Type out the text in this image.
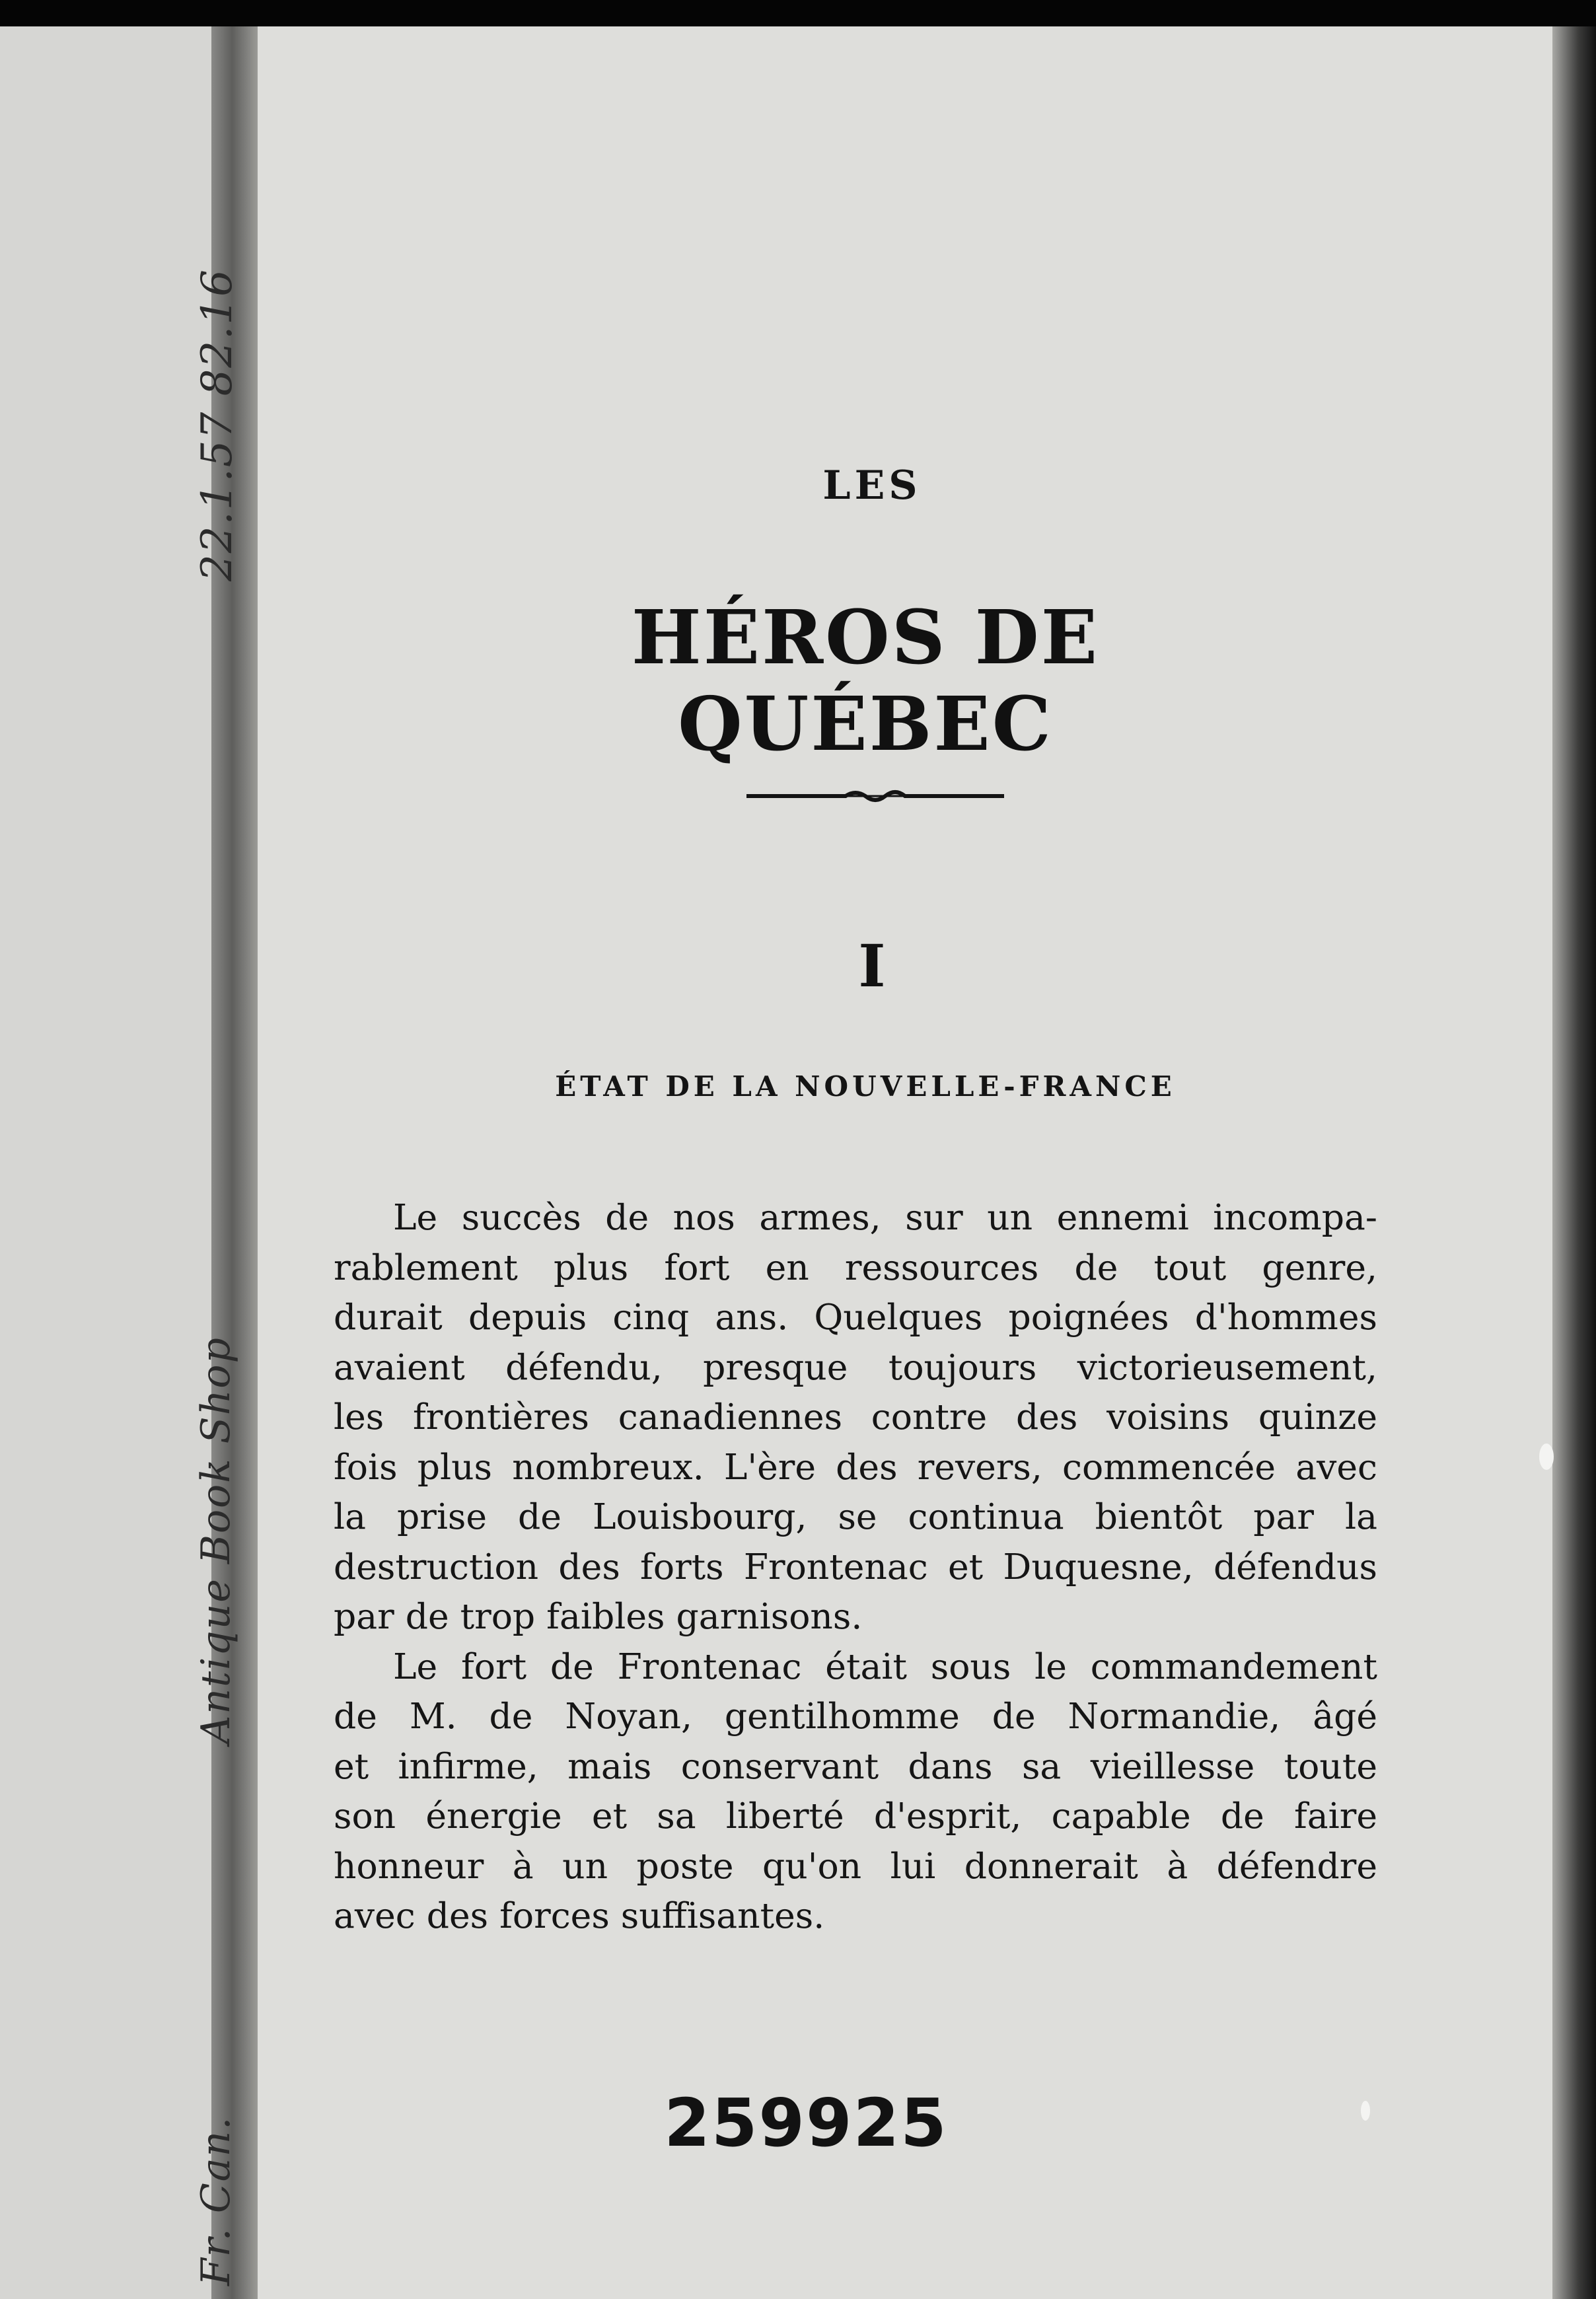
22.1.57 82.16
Antique Book Shop
Fr. Can.
LES
HÉROS DE QUÉBEC
I
ÉTAT DE LA NOUVELLE-FRANCE
Le succès de nos armes, sur un ennemi incompa-
rablement plus fort en ressources de tout genre,
durait depuis cinq ans. Quelques poignées d'hommes
avaient défendu, presque toujours victorieusement,
les frontières canadiennes contre des voisins quinze
fois plus nombreux. L'ère des revers, commencée avec
la prise de Louisbourg, se continua bientôt par la
destruction des forts Frontenac et Duquesne, défendus
par de trop faibles garnisons.
Le fort de Frontenac était sous le commandement
de M. de Noyan, gentilhomme de Normandie, âgé
et infirme, mais conservant dans sa vieillesse toute
son énergie et sa liberté d'esprit, capable de faire
honneur à un poste qu'on lui donnerait à défendre
avec des forces suffisantes.
259925
